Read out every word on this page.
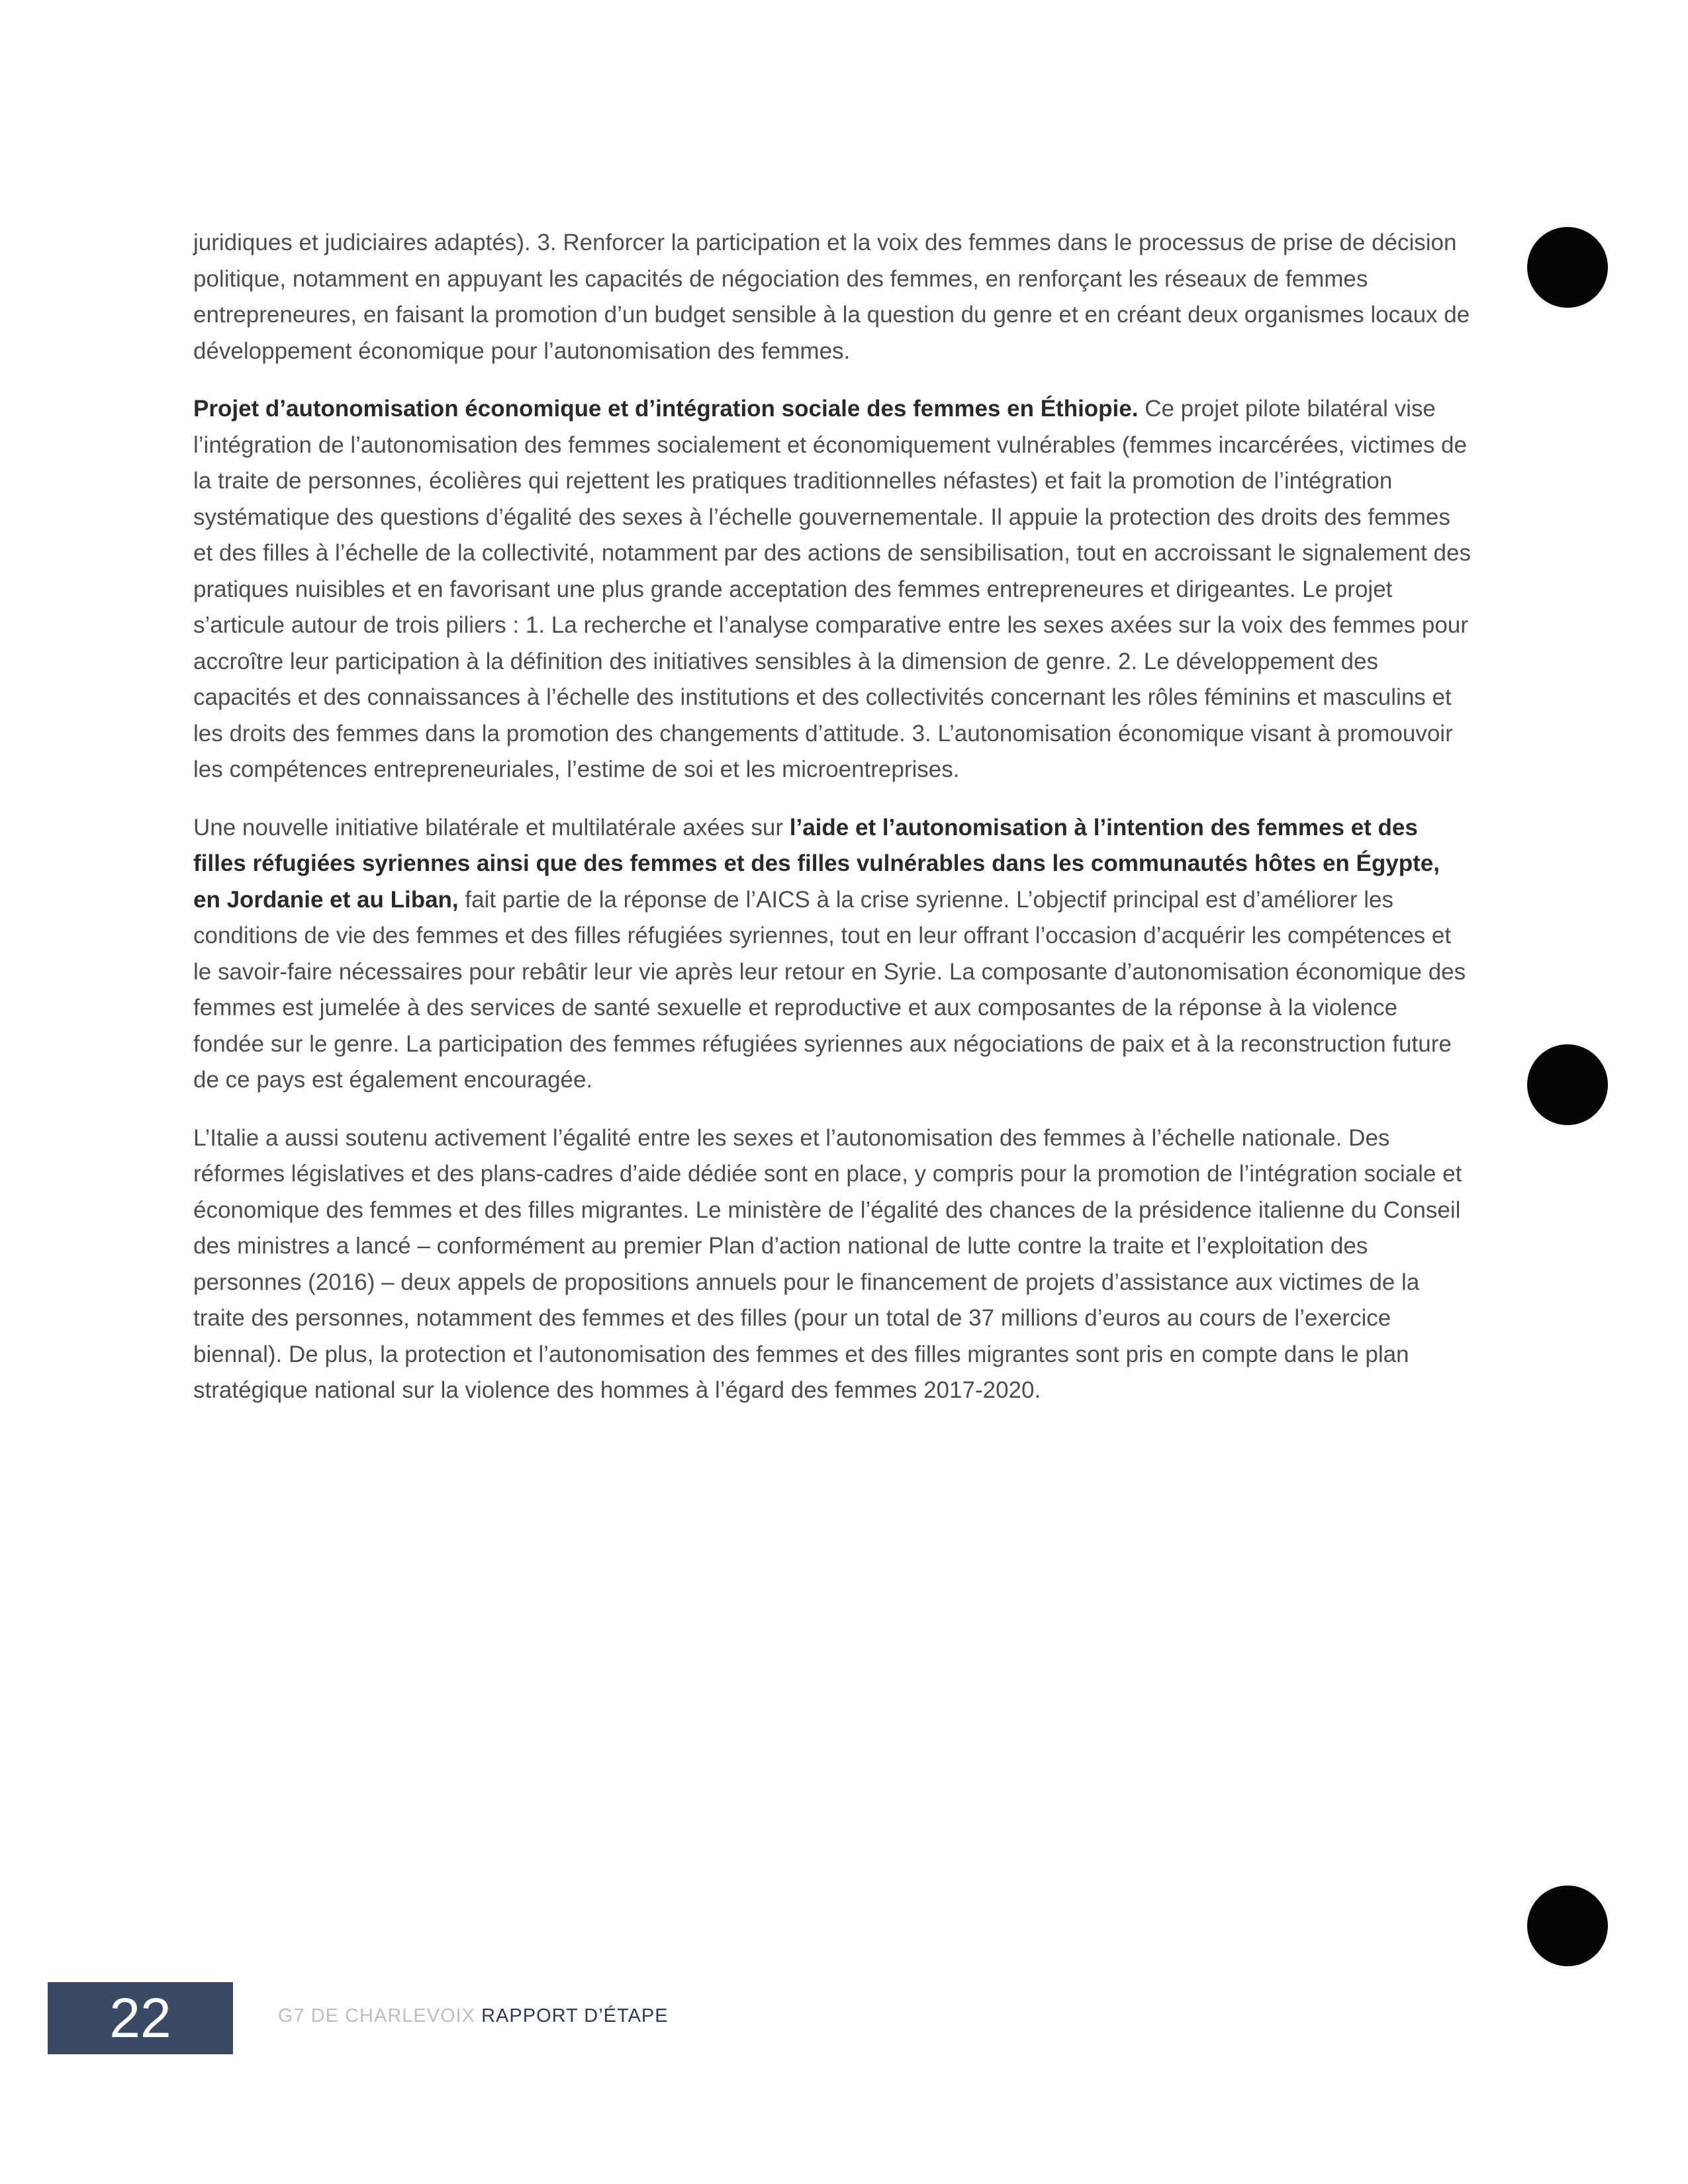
juridiques et judiciaires adaptés). 3. Renforcer la participation et la voix des femmes dans le processus de prise de décision politique, notamment en appuyant les capacités de négociation des femmes, en renforçant les réseaux de femmes entrepreneures, en faisant la promotion d’un budget sensible à la question du genre et en créant deux organismes locaux de développement économique pour l’autonomisation des femmes.

Projet d’autonomisation économique et d’intégration sociale des femmes en Éthiopie. Ce projet pilote bilatéral vise l’intégration de l’autonomisation des femmes socialement et économiquement vulnérables (femmes incarcérées, victimes de la traite de personnes, écolières qui rejettent les pratiques traditionnelles néfastes) et fait la promotion de l’intégration systématique des questions d’égalité des sexes à l’échelle gouvernementale. Il appuie la protection des droits des femmes et des filles à l’échelle de la collectivité, notamment par des actions de sensibilisation, tout en accroissant le signalement des pratiques nuisibles et en favorisant une plus grande acceptation des femmes entrepreneures et dirigeantes. Le projet s’articule autour de trois piliers : 1. La recherche et l’analyse comparative entre les sexes axées sur la voix des femmes pour accroître leur participation à la définition des initiatives sensibles à la dimension de genre. 2. Le développement des capacités et des connaissances à l’échelle des institutions et des collectivités concernant les rôles féminins et masculins et les droits des femmes dans la promotion des changements d’attitude. 3. L’autonomisation économique visant à promouvoir les compétences entrepreneuriales, l’estime de soi et les microentreprises.

Une nouvelle initiative bilatérale et multilatérale axées sur l’aide et l’autonomisation à l’intention des femmes et des filles réfugiées syriennes ainsi que des femmes et des filles vulnérables dans les communautés hôtes en Égypte, en Jordanie et au Liban, fait partie de la réponse de l’AICS à la crise syrienne. L’objectif principal est d’améliorer les conditions de vie des femmes et des filles réfugiées syriennes, tout en leur offrant l’occasion d’acquérir les compétences et le savoir-faire nécessaires pour rebâtir leur vie après leur retour en Syrie. La composante d’autonomisation économique des femmes est jumelée à des services de santé sexuelle et reproductive et aux composantes de la réponse à la violence fondée sur le genre. La participation des femmes réfugiées syriennes aux négociations de paix et à la reconstruction future de ce pays est également encouragée.

L’Italie a aussi soutenu activement l’égalité entre les sexes et l’autonomisation des femmes à l’échelle nationale. Des réformes législatives et des plans-cadres d’aide dédiée sont en place, y compris pour la promotion de l’intégration sociale et économique des femmes et des filles migrantes. Le ministère de l’égalité des chances de la présidence italienne du Conseil des ministres a lancé – conformément au premier Plan d’action national de lutte contre la traite et l’exploitation des personnes (2016) – deux appels de propositions annuels pour le financement de projets d’assistance aux victimes de la traite des personnes, notamment des femmes et des filles (pour un total de 37 millions d’euros au cours de l’exercice biennal). De plus, la protection et l’autonomisation des femmes et des filles migrantes sont pris en compte dans le plan stratégique national sur la violence des hommes à l’égard des femmes 2017-2020.

22	G7 DE CHARLEVOIX RAPPORT D’ÉTAPE
